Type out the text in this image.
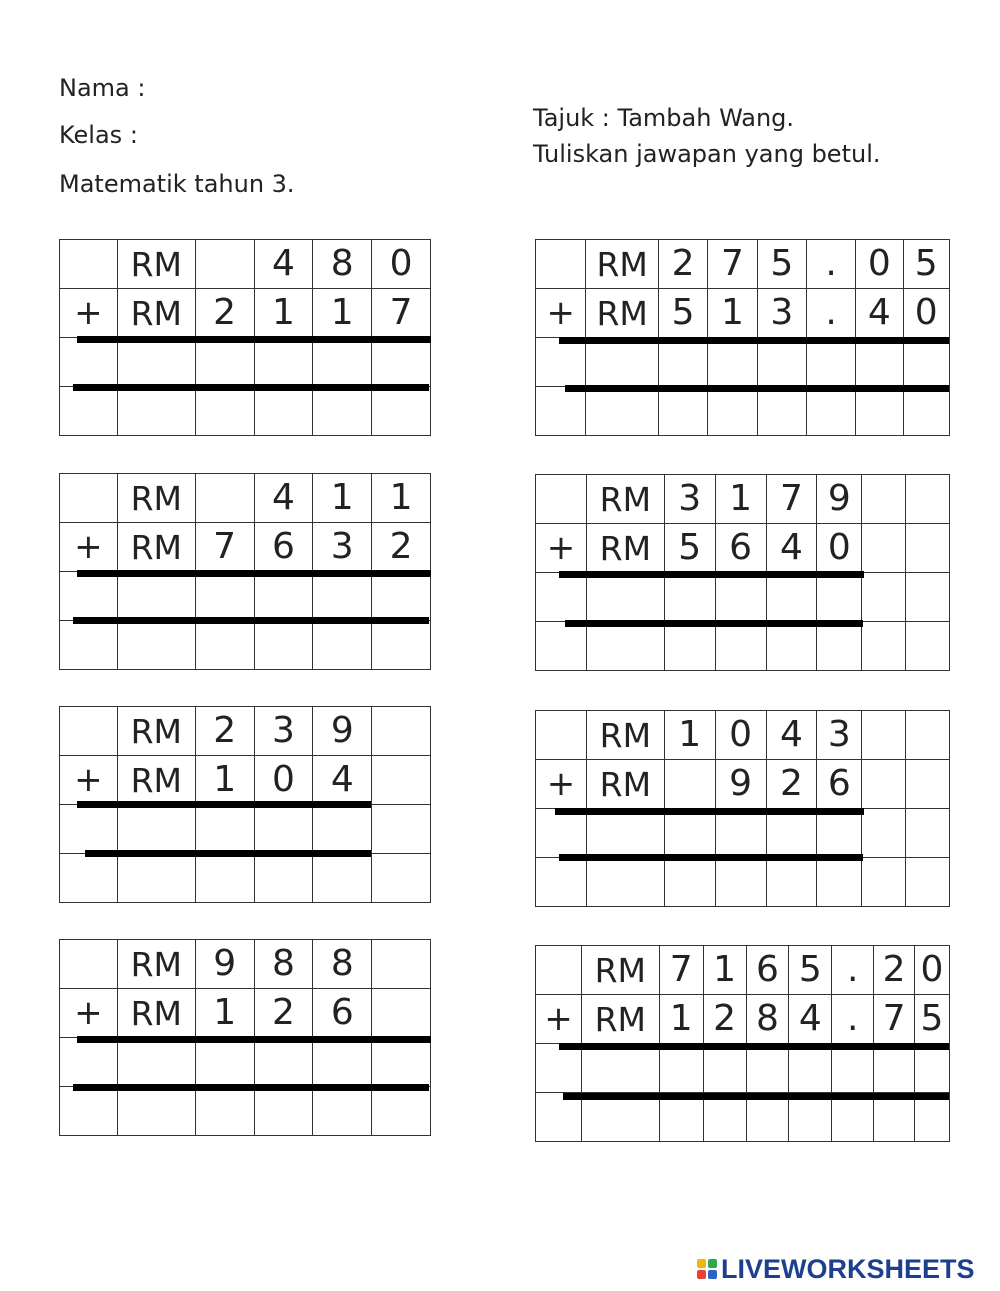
Nama :
Kelas :
Matematik tahun 3.
Tajuk : Tambah Wang.
Tuliskan jawapan yang betul.
	RM		4	8	0
+	RM	2	1	1	7

	RM	2	7	5	.	0	5
+	RM	5	1	3	.	4	0

	RM		4	1	1
+	RM	7	6	3	2

	RM	3	1	7	9		
+	RM	5	6	4	0		

	RM	2	3	9	
+	RM	1	0	4	

	RM	1	0	4	3		
+	RM		9	2	6		

	RM	9	8	8	
+	RM	1	2	6	

	RM	7	1	6	5	.	2	0
+	RM	1	2	8	4	.	7	5

LIVEWORKSHEETS
